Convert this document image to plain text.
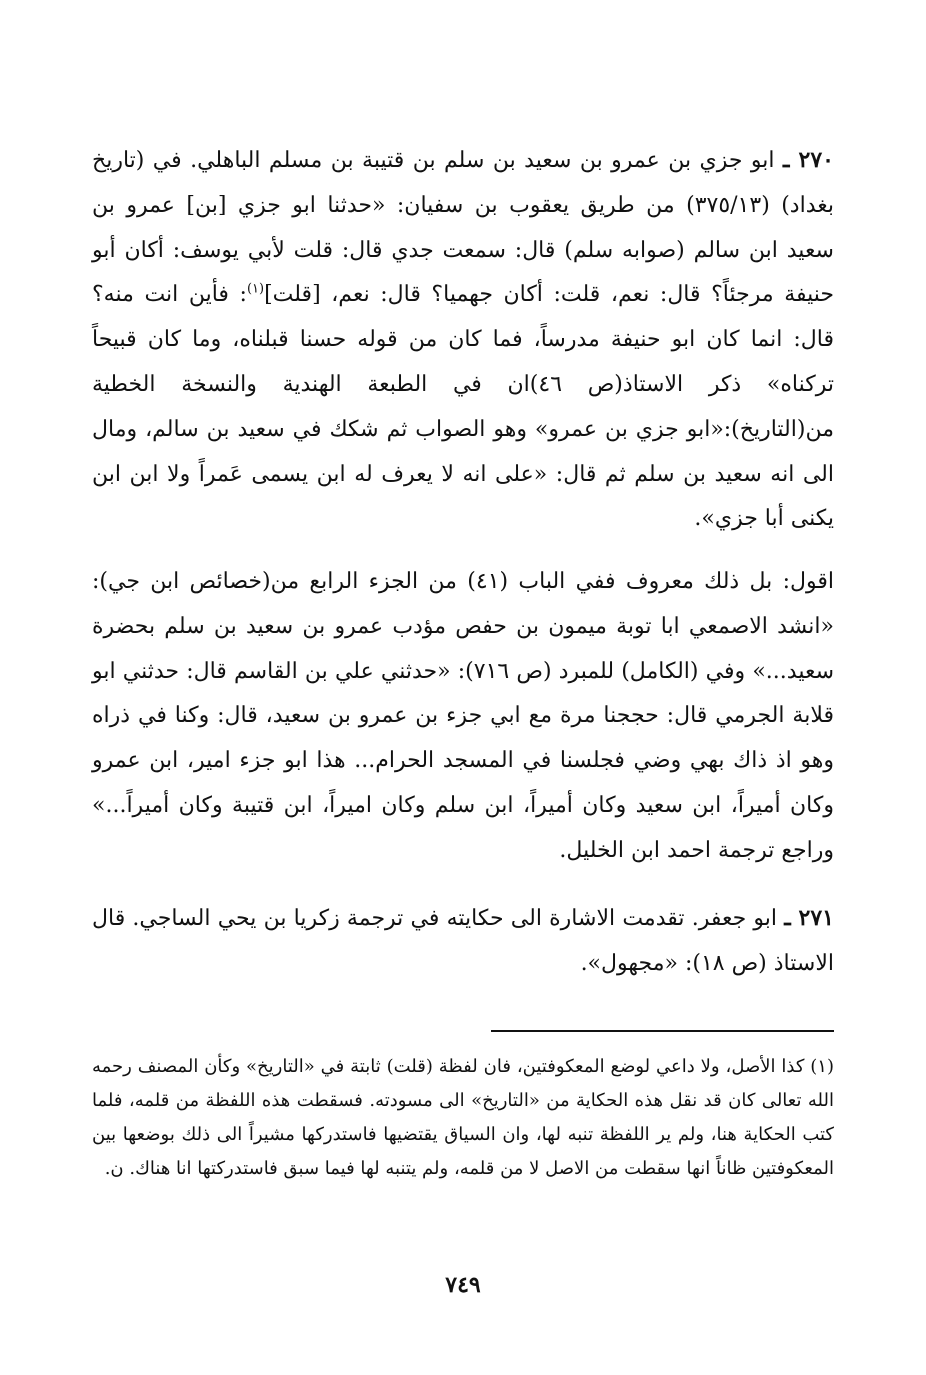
٢٧٠ ـ ابو جزي بن عمرو بن سعيد بن سلم بن قتيبة بن مسلم الباهلي. في (تاريخ بغداد) (٣٧٥/١٣) من طريق يعقوب بن سفيان: «حدثنا ابو جزي [بن] عمرو بن سعيد ابن سالم (صوابه سلم) قال: سمعت جدي قال: قلت لأبي يوسف: أكان أبو حنيفة مرجئاً؟ قال: نعم، قلت: أكان جهميا؟ قال: نعم، [قلت]$^{(١)}$: فأين انت منه؟ قال: انما كان ابو حنيفة مدرساً، فما كان من قوله حسنا قبلناه، وما كان قبيحاً تركناه» ذكر الاستاذ(ص ٤٦)ان في الطبعة الهندية والنسخة الخطية من(التاريخ):«ابو جزي بن عمرو» وهو الصواب ثم شكك في سعيد بن سالم، ومال الى انه سعيد بن سلم ثم قال: «على انه لا يعرف له ابن يسمى عَمراً ولا ابن ابن يكنى أبا جزي».

اقول: بل ذلك معروف ففي الباب (٤١) من الجزء الرابع من(خصائص ابن جي): «انشد الاصمعي ابا توبة ميمون بن حفص مؤدب عمرو بن سعيد بن سلم بحضرة سعيد...» وفي (الكامل) للمبرد (ص ٧١٦): «حدثني علي بن القاسم قال: حدثني ابو قلابة الجرمي قال: حججنا مرة مع ابي جزء بن عمرو بن سعيد، قال: وكنا في ذراه وهو اذ ذاك بهي وضي فجلسنا في المسجد الحرام... هذا ابو جزء امير، ابن عمرو وكان أميراً، ابن سعيد وكان أميراً، ابن سلم وكان اميراً، ابن قتيبة وكان أميراً...» وراجع ترجمة احمد ابن الخليل.

٢٧١ ـ ابو جعفر. تقدمت الاشارة الى حكايته في ترجمة زكريا بن يحي الساجي. قال الاستاذ (ص ١٨): «مجهول».

(١) كذا الأصل، ولا داعي لوضع المعكوفتين، فان لفظة (قلت) ثابتة في «التاريخ» وكأن المصنف رحمه الله تعالى كان قد نقل هذه الحكاية من «التاريخ» الى مسودته. فسقطت هذه اللفظة من قلمه، فلما كتب الحكاية هنا، ولم ير اللفظة تنبه لها، وان السياق يقتضيها فاستدركها مشيراً الى ذلك بوضعها بين المعكوفتين ظاناً انها سقطت من الاصل لا من قلمه، ولم يتنبه لها فيما سبق فاستدركتها انا هناك. ن.

٧٤٩
